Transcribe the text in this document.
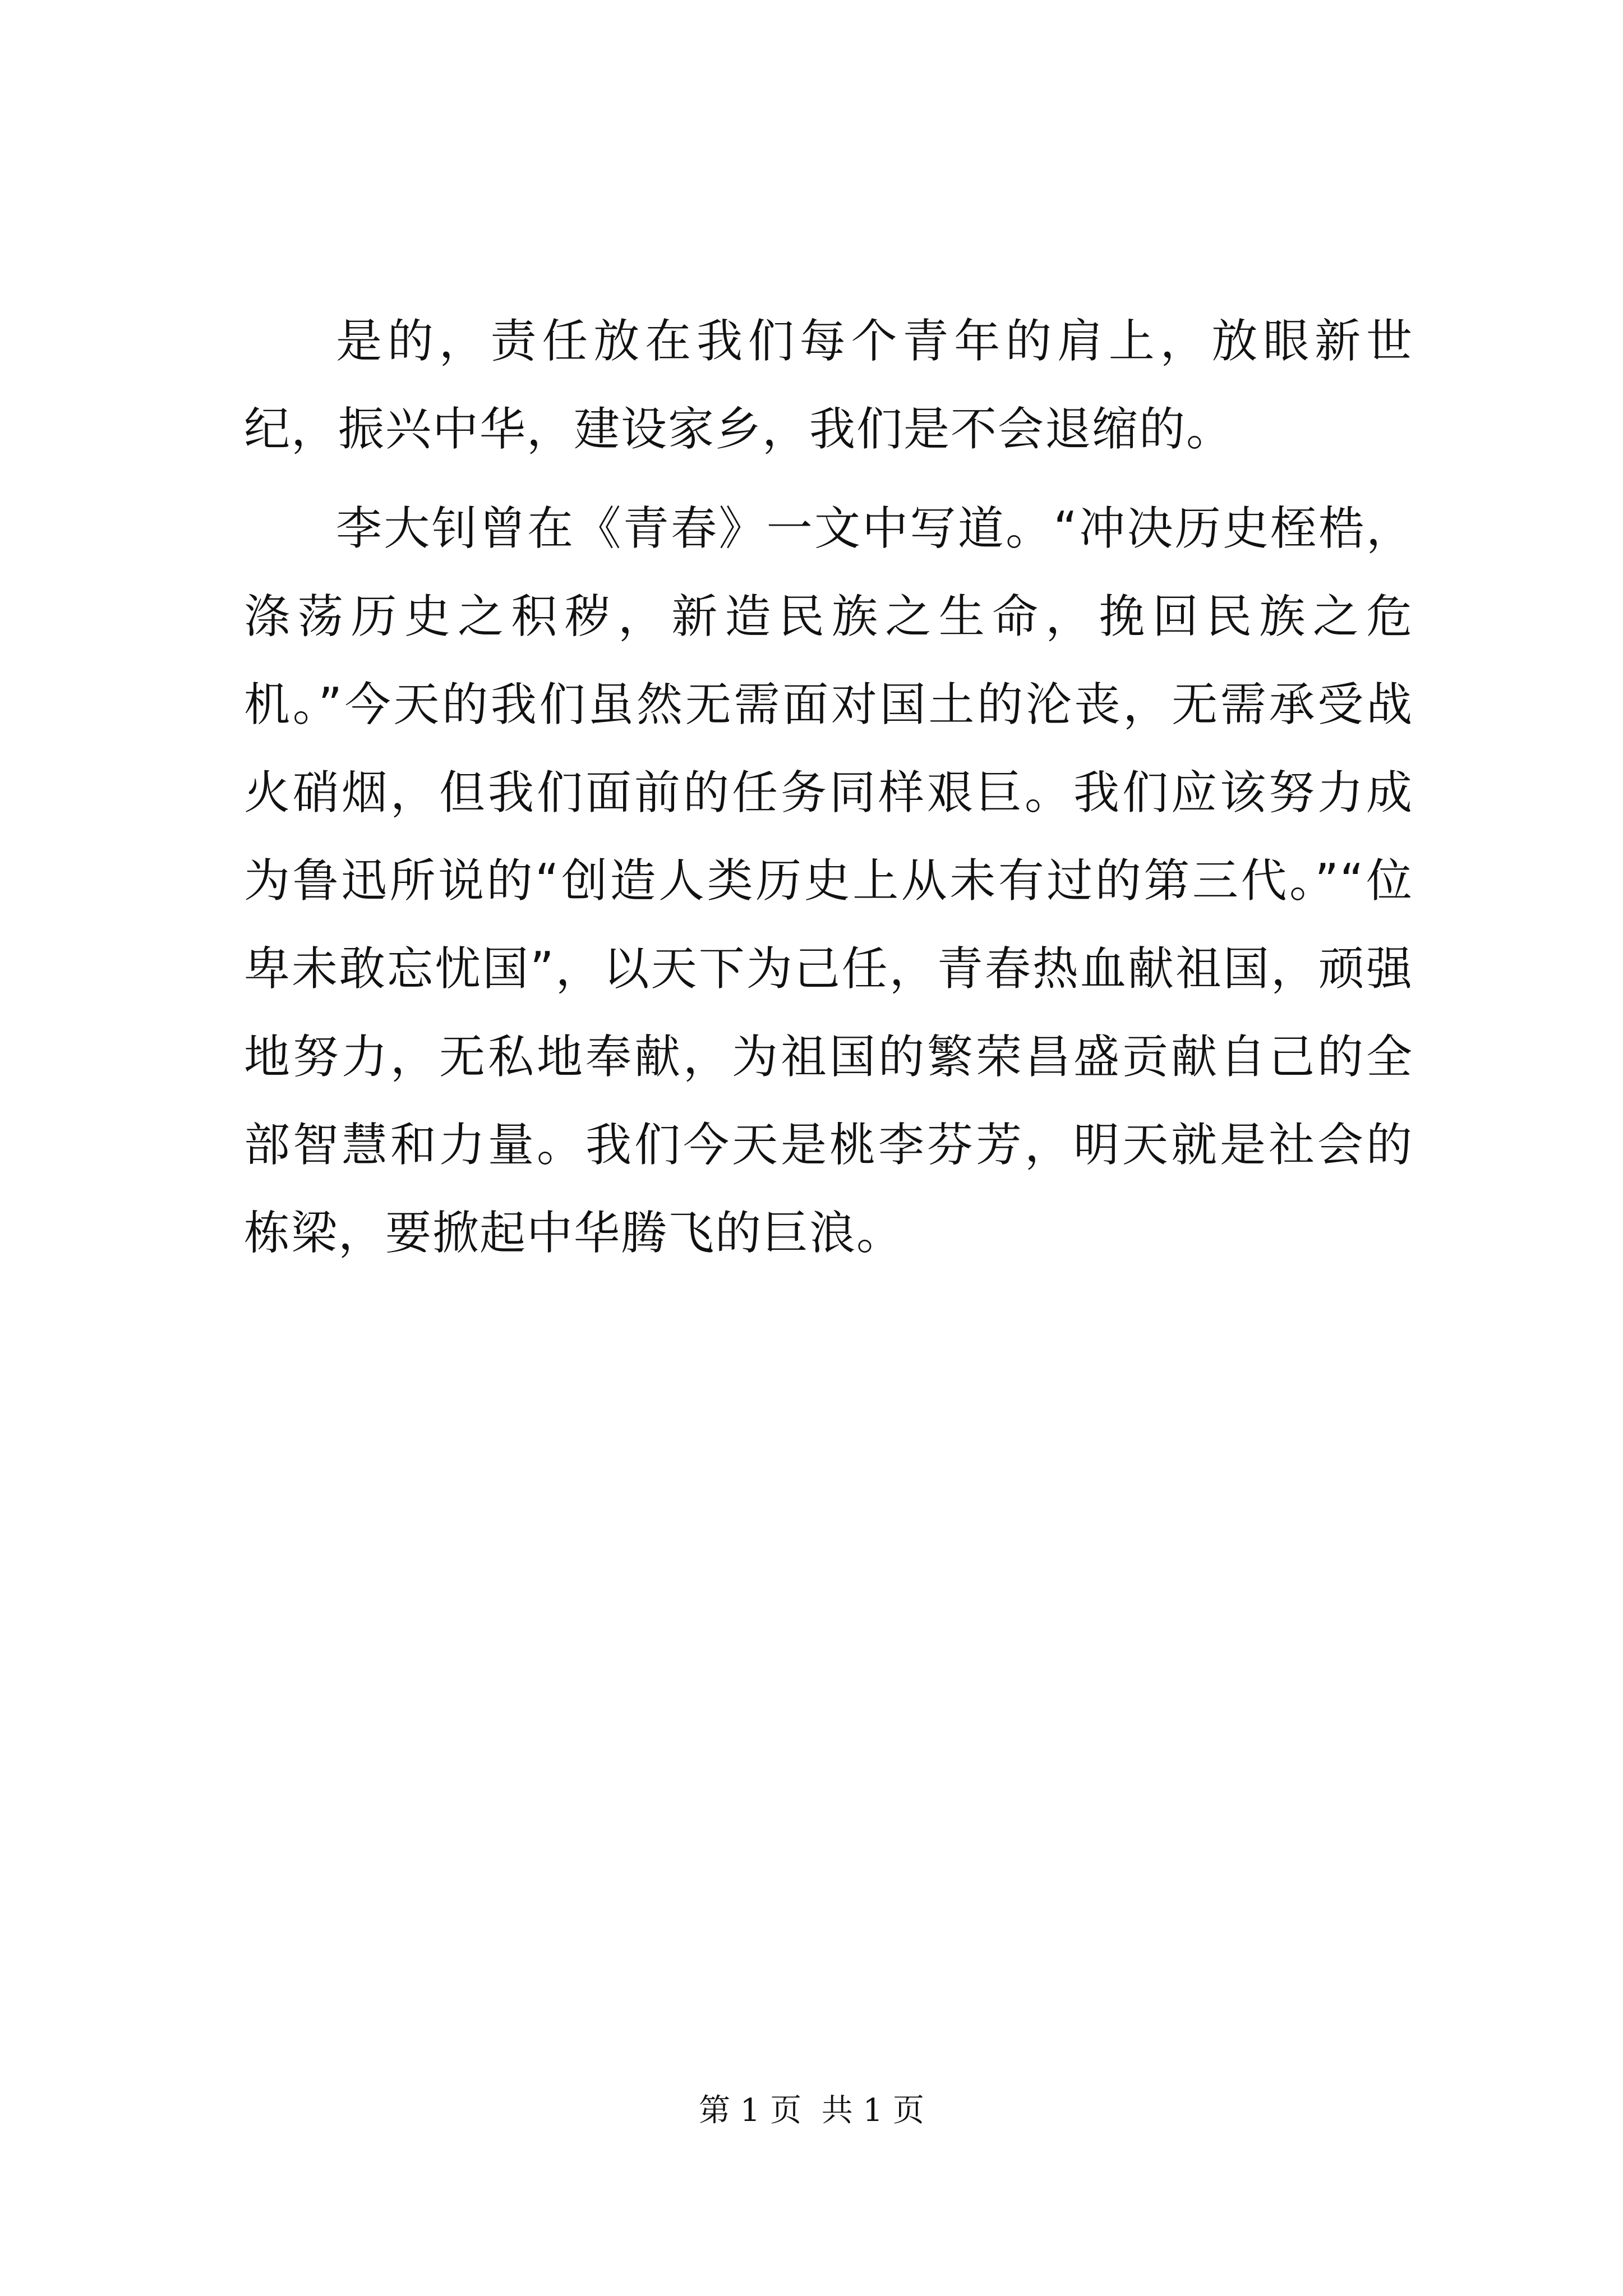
是的，责任放在我们每个青年的肩上，放眼新世纪，振兴中华，建设家乡，我们是不会退缩的。

李大钊曾在《青春》一文中写道。“冲决历史桎梏，涤荡历史之积秽，新造民族之生命，挽回民族之危机。”今天的我们虽然无需面对国土的沦丧，无需承受战火硝烟，但我们面前的任务同样艰巨。我们应该努力成为鲁迅所说的“创造人类历史上从未有过的第三代。”“位卑未敢忘忧国”，以天下为己任，青春热血献祖国，顽强地努力，无私地奉献，为祖国的繁荣昌盛贡献自己的全部智慧和力量。我们今天是桃李芬芳，明天就是社会的栋梁，要掀起中华腾飞的巨浪。

第 1 页  共 1 页
